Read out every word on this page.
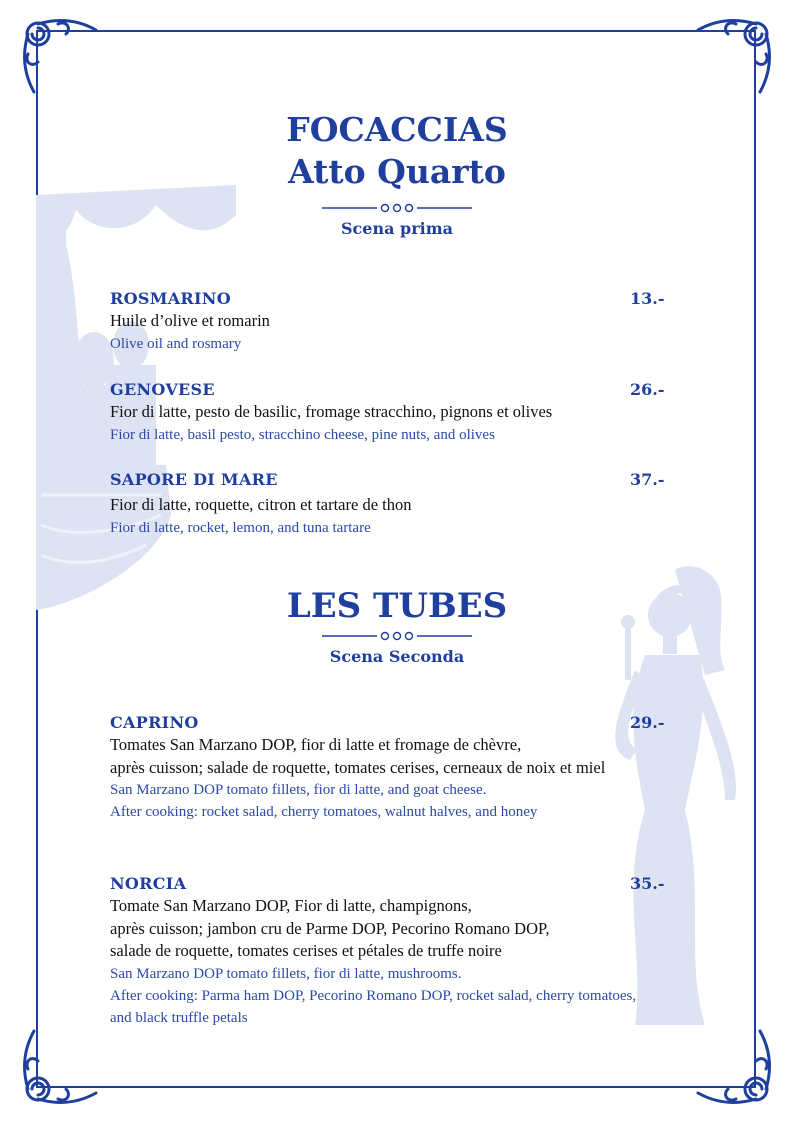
FOCACCIAS
Atto Quarto
Scena prima
LES TUBES
Scena Seconda
ROSMARINO	13.-
Huile d’olive et romarin
Olive oil and rosmary
GENOVESE	26.-
Fior di latte, pesto de basilic, fromage stracchino, pignons et olives
Fior di latte, basil pesto, stracchino cheese, pine nuts, and olives
SAPORE DI MARE	37.-
Fior di latte, roquette, citron et tartare de thon
Fior di latte, rocket, lemon, and tuna tartare
CAPRINO	29.-
Tomates San Marzano DOP, fior di latte et fromage de chèvre,
après cuisson; salade de roquette, tomates cerises, cerneaux de noix et miel
San Marzano DOP tomato fillets, fior di latte, and goat cheese.
After cooking: rocket salad, cherry tomatoes, walnut halves, and honey
NORCIA	35.-
Tomate San Marzano DOP, Fior di latte, champignons,
après cuisson; jambon cru de Parme DOP, Pecorino Romano DOP,
salade de roquette, tomates cerises et pétales de truffe noire
San Marzano DOP tomato fillets, fior di latte, mushrooms.
After cooking: Parma ham DOP, Pecorino Romano DOP, rocket salad, cherry tomatoes,
and black truffle petals
